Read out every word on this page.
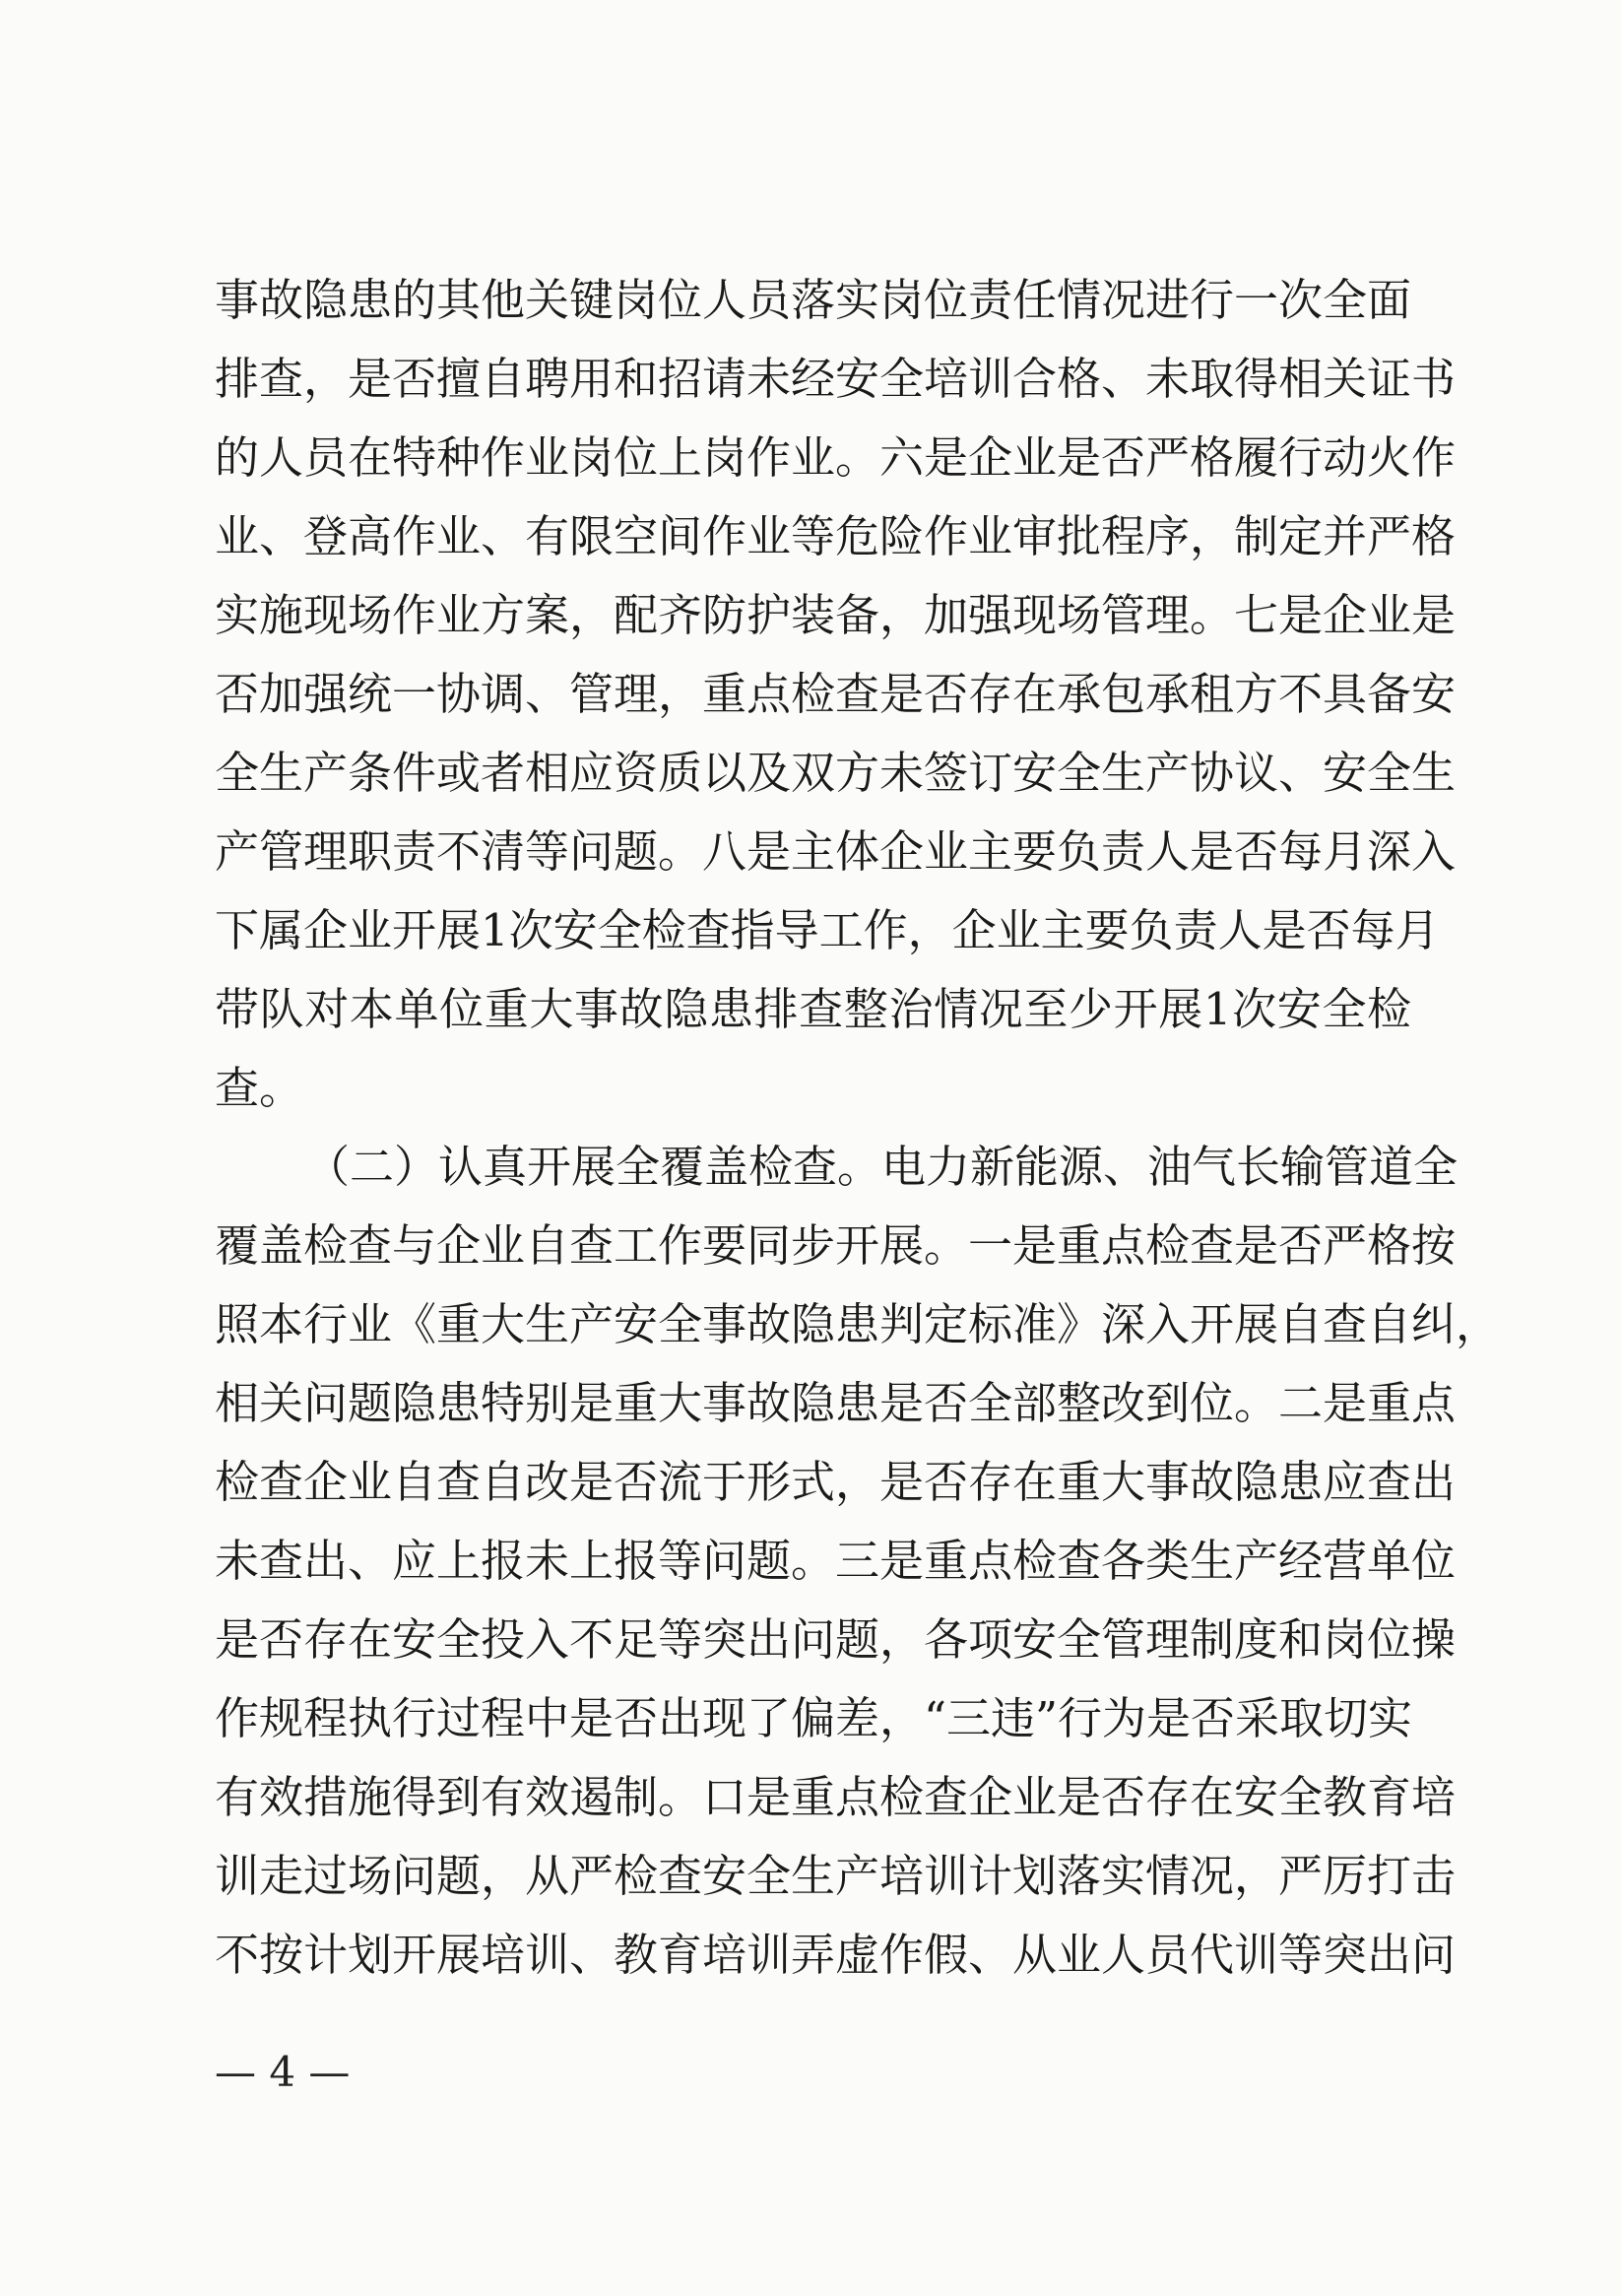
事故隐患的其他关键岗位人员落实岗位责任情况进行一次全面
排查，是否擅自聘用和招请未经安全培训合格、未取得相关证书
的人员在特种作业岗位上岗作业。六是企业是否严格履行动火作
业、登高作业、有限空间作业等危险作业审批程序，制定并严格
实施现场作业方案，配齐防护装备，加强现场管理。七是企业是
否加强统一协调、管理，重点检查是否存在承包承租方不具备安
全生产条件或者相应资质以及双方未签订安全生产协议、安全生
产管理职责不清等问题。八是主体企业主要负责人是否每月深入
下属企业开展1次安全检查指导工作，企业主要负责人是否每月
带队对本单位重大事故隐患排查整治情况至少开展1次安全检
查。
（二）认真开展全覆盖检查。电力新能源、油气长输管道全
覆盖检查与企业自查工作要同步开展。一是重点检查是否严格按
照本行业《重大生产安全事故隐患判定标准》深入开展自查自纠，
相关问题隐患特别是重大事故隐患是否全部整改到位。二是重点
检查企业自查自改是否流于形式，是否存在重大事故隐患应查出
未查出、应上报未上报等问题。三是重点检查各类生产经营单位
是否存在安全投入不足等突出问题，各项安全管理制度和岗位操
作规程执行过程中是否出现了偏差，“三违”行为是否采取切实
有效措施得到有效遏制。口是重点检查企业是否存在安全教育培
训走过场问题，从严检查安全生产培训计划落实情况，严厉打击
不按计划开展培训、教育培训弄虚作假、从业人员代训等突出问
— 4 —
